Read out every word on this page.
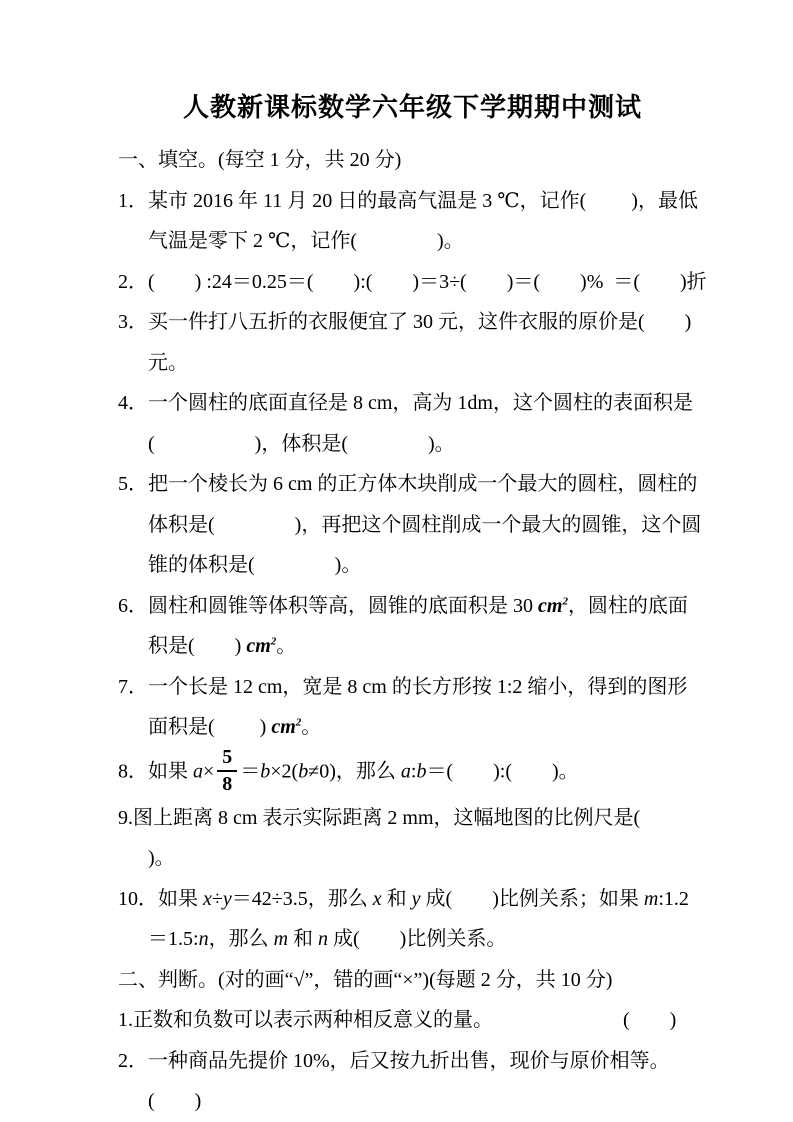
人教新课标数学六年级下学期期中测试

一、填空。(每空 1 分，共 20 分)

1．某市 2016 年 11 月 20 日的最高气温是 3 ℃，记作(　　 )，最低气温是零下 2 ℃，记作(　　　　)。

2．(　　) :24＝0.25＝(　　):(　　)＝3÷(　　)＝(　　)%  ＝(　　)折

3．买一件打八五折的衣服便宜了 30 元，这件衣服的原价是(　　)元。

4．一个圆柱的底面直径是 8 cm，高为 1dm，这个圆柱的表面积是 (　　　　　)，体积是(　　　　)。

5．把一个棱长为 6 cm 的正方体木块削成一个最大的圆柱，圆柱的体积是(　　　　)，再把这个圆柱削成一个最大的圆锥，这个圆锥的体积是(　　　　)。

6．圆柱和圆锥等体积等高，圆锥的底面积是 30 $cm^2$，圆柱的底面积是(　　) $cm^2$。

7．一个长是 12 cm，宽是 8 cm 的长方形按 1:2 缩小，得到的图形面积是(　　 ) $cm^2$。

8．如果 $a\times \frac{5}{8} =b\times 2(b\ne 0)$，那么 a:b＝(　　):(　　)。

9.图上距离 8 cm 表示实际距离 2 mm，这幅地图的比例尺是(　　 )。

10．如果 x÷y＝42÷3.5，那么 x 和 y 成(　　)比例关系；如果 m:1.2＝1.5:n，那么 m 和 n 成(　　)比例关系。

二、判断。(对的画“√”，错的画“×”)(每题 2 分，共 10 分)

1.正数和负数可以表示两种相反意义的量。　　　　　　　(　　)

2．一种商品先提价 10%，后又按九折出售，现价与原价相等。(　　)
